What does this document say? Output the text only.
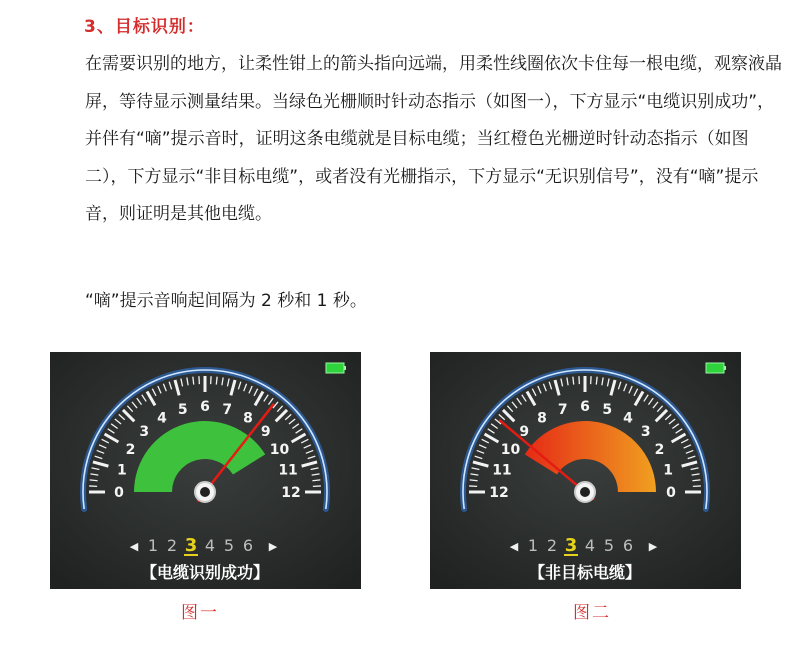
3、目标识别：

在需要识别的地方，让柔性钳上的箭头指向远端，用柔性线圈依次卡住每一根电缆，观察液晶屏，等待显示测量结果。当绿色光栅顺时针动态指示（如图一），下方显示“电缆识别成功”，并伴有“嘀”提示音时，证明这条电缆就是目标电缆；当红橙色光栅逆时针动态指示（如图二），下方显示“非目标电缆”，或者没有光栅指示，下方显示“无识别信号”，没有“嘀”提示音，则证明是其他电缆。

“嘀”提示音响起间隔为 2 秒和 1 秒。

0
1
2
3
4
5 6 7
8
9
10
11
12
◀ 1 2 3 4 5 6 ▶
【电缆识别成功】
0
1
2
3
4
5
6
7
8
9
10
11
12
◀ 1 2 3 4 5 6 ▶
【非目标电缆】
图一	图二
